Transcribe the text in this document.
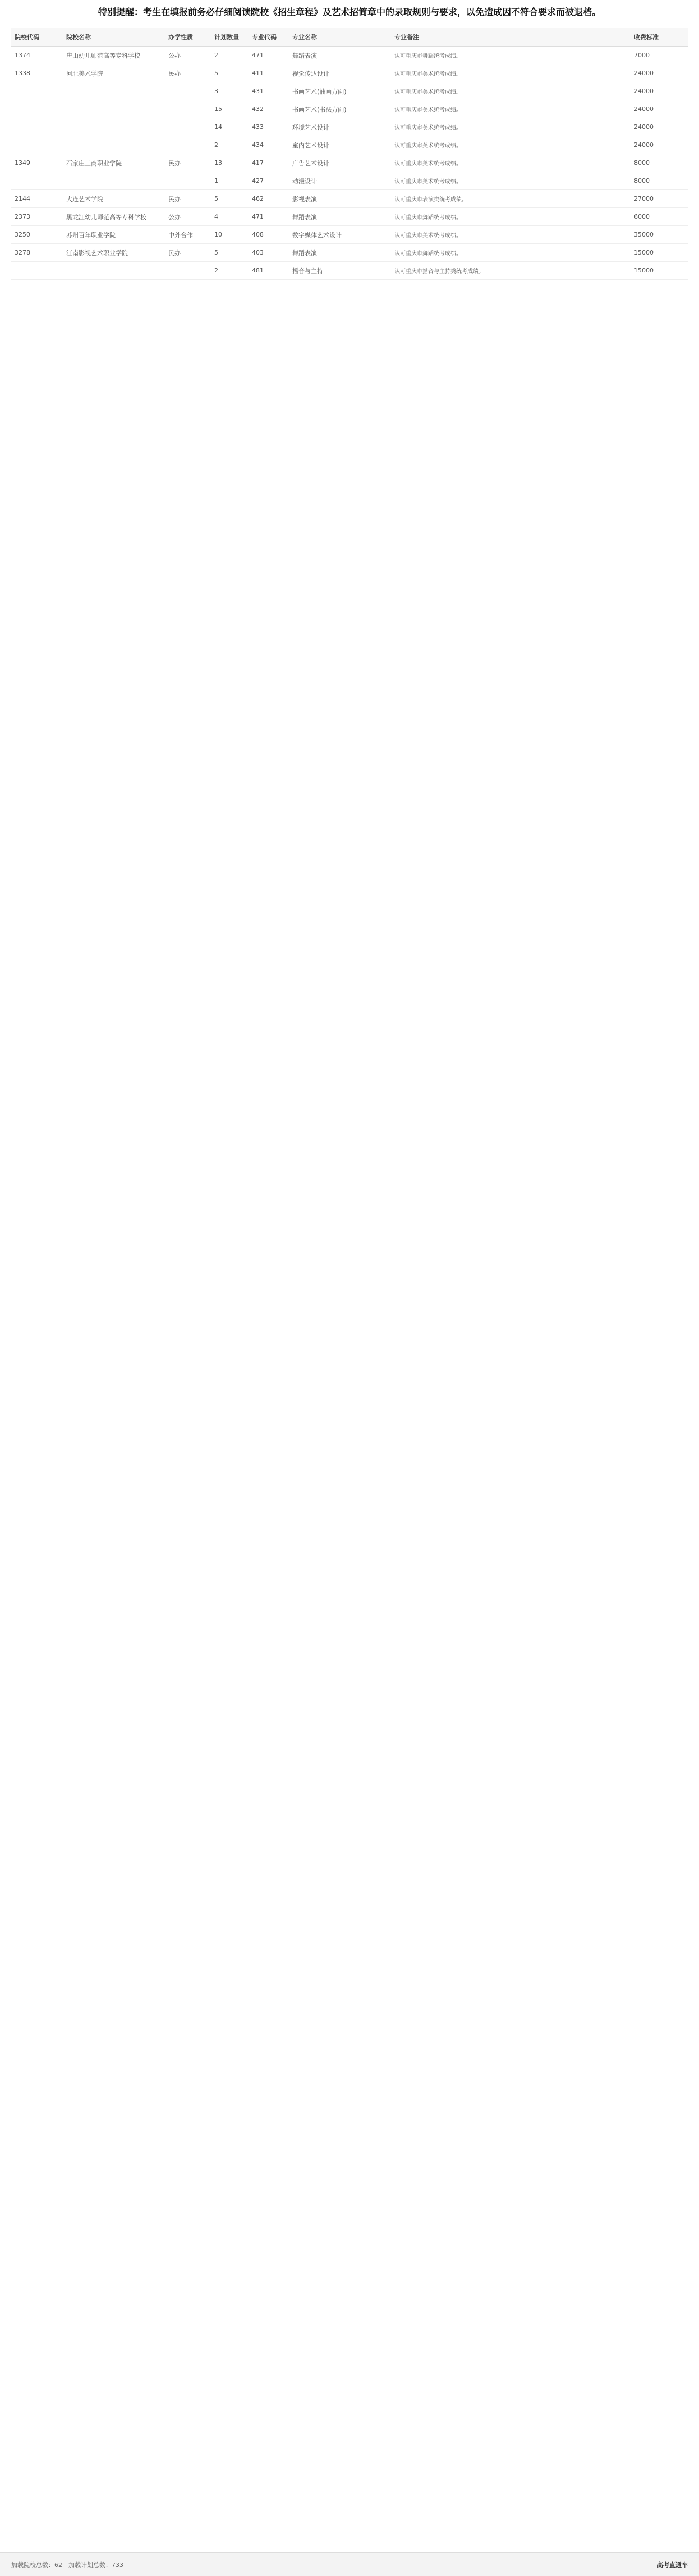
特别提醒：考生在填报前务必仔细阅读院校《招生章程》及艺术招简章中的录取规则与要求，以免造成因不符合要求而被退档。
院校代码	院校名称	办学性质	计划数量	专业代码	专业名称	专业备注	收费标准
1374	唐山幼儿师范高等专科学校	公办	2	471	舞蹈表演	认可重庆市舞蹈统考成绩。	7000
1338	河北美术学院	民办	5	411	视觉传达设计	认可重庆市美术统考成绩。	24000
			3	431	书画艺术(油画方向)	认可重庆市美术统考成绩。	24000
			15	432	书画艺术(书法方向)	认可重庆市美术统考成绩。	24000
			14	433	环境艺术设计	认可重庆市美术统考成绩。	24000
			2	434	室内艺术设计	认可重庆市美术统考成绩。	24000
1349	石家庄工商职业学院	民办	13	417	广告艺术设计	认可重庆市美术统考成绩。	8000
			1	427	动漫设计	认可重庆市美术统考成绩。	8000
2144	大连艺术学院	民办	5	462	影视表演	认可重庆市表演类统考成绩。	27000
2373	黑龙江幼儿师范高等专科学校	公办	4	471	舞蹈表演	认可重庆市舞蹈统考成绩。	6000
3250	苏州百年职业学院	中外合作	10	408	数字媒体艺术设计	认可重庆市美术统考成绩。	35000
3278	江南影视艺术职业学院	民办	5	403	舞蹈表演	认可重庆市舞蹈统考成绩。	15000
			2	481	播音与主持	认可重庆市播音与主持类统考成绩。	15000
加载院校总数：62　加载计划总数：733	高考直通车
